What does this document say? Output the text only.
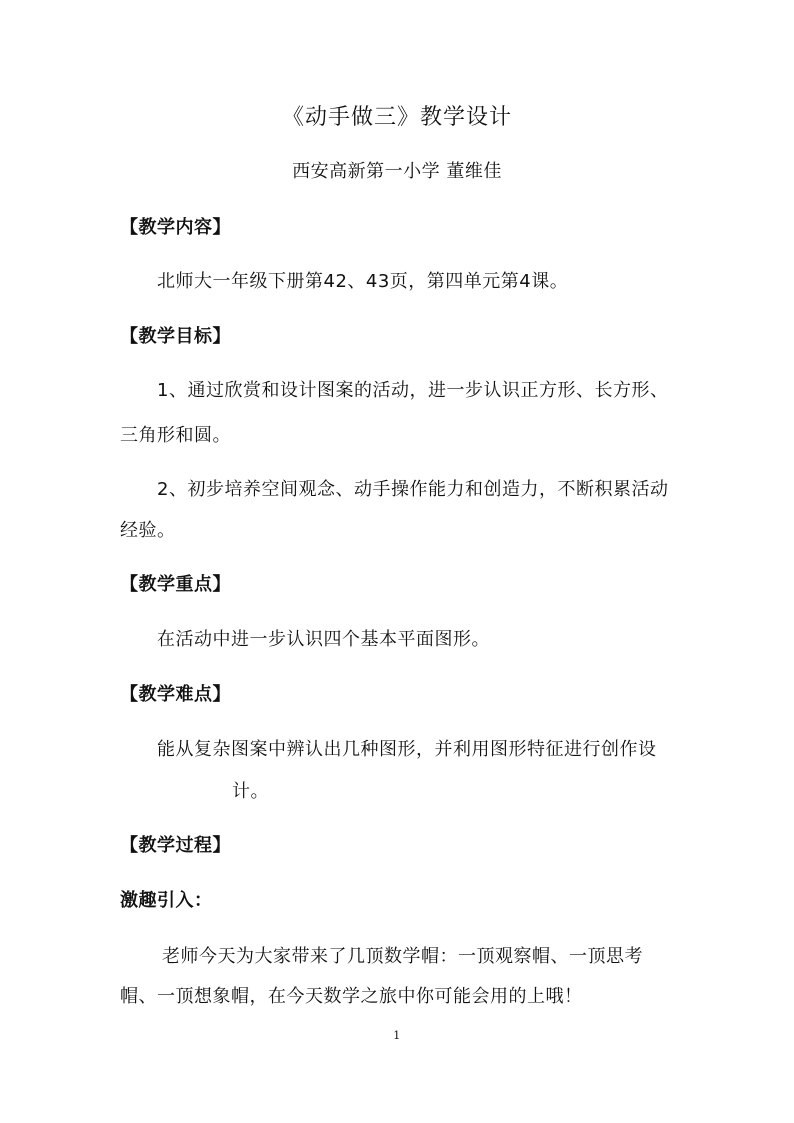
《动手做三》教学设计
西安高新第一小学 董维佳
【教学内容】
北师大一年级下册第42、43页，第四单元第4课。
【教学目标】
1、通过欣赏和设计图案的活动，进一步认识正方形、长方形、
三角形和圆。
2、初步培养空间观念、动手操作能力和创造力，不断积累活动
经验。
【教学重点】
在活动中进一步认识四个基本平面图形。
【教学难点】
能从复杂图案中辨认出几种图形，并利用图形特征进行创作设
计。
【教学过程】
激趣引入：
老师今天为大家带来了几顶数学帽：一顶观察帽、一顶思考
帽、一顶想象帽，在今天数学之旅中你可能会用的上哦！
1
